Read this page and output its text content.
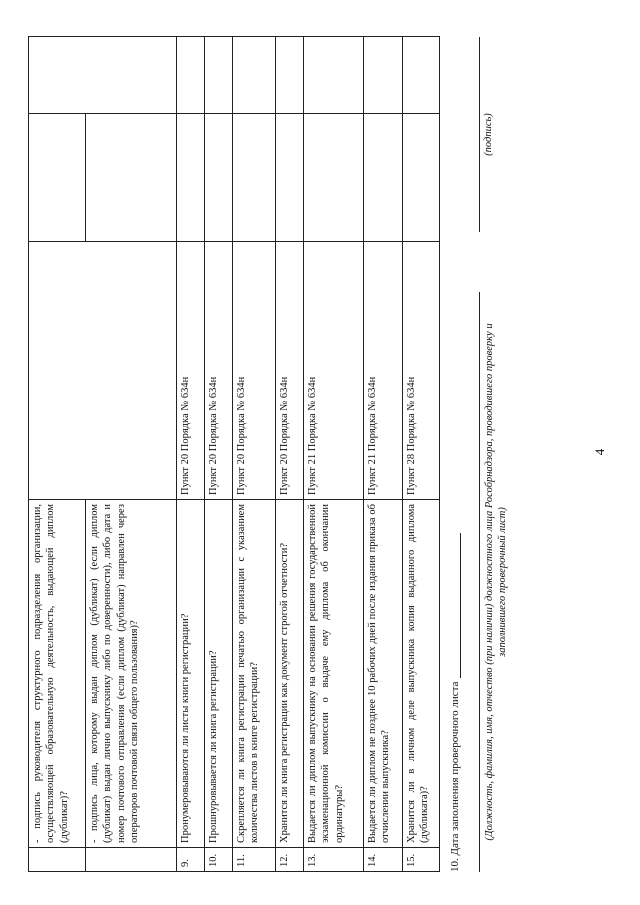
4
	- подпись руководителя структурного подразделения организации, осуществляющей образовательную деятельность, выдающей диплом (дубликат)?			
	- подпись лица, которому выдан диплом (дубликат) (если диплом (дубликат) выдан лично выпускнику либо по доверенности), либо дата и номер почтового отправления (если диплом (дубликат) направлен через операторов почтовой связи общего пользования)?			
9.	Пронумеровываются ли листы книги регистрации?	Пункт 20 Порядка № 634н		
10.	Прошнуровывается ли книга регистрации?	Пункт 20 Порядка № 634н		
11.	Скрепляется ли книга регистрации печатью организации с указанием количества листов в книге регистрации?	Пункт 20 Порядка № 634н		
12.	Хранится ли книга регистрации как документ строгой отчетности?	Пункт 20 Порядка № 634н		
13.	Выдается ли диплом выпускнику на основании решения государственной экзаменационной комиссии о выдаче ему диплома об окончании ординатуры?	Пункт 21 Порядка № 634н		
14.	Выдается ли диплом не позднее 10 рабочих дней после издания приказа об отчислении выпускника?	Пункт 21 Порядка № 634н		
15.	Хранится ли в личном деле выпускника копия выданного диплома (дубликата)?	Пункт 28 Порядка № 634н		
10. Дата заполнения проверочного листа (Должность, фамилия, имя, отчество (при наличии) должностного лица Рособрнадзора, проводившего проверку и заполнившего проверочный лист)
(подпись)
